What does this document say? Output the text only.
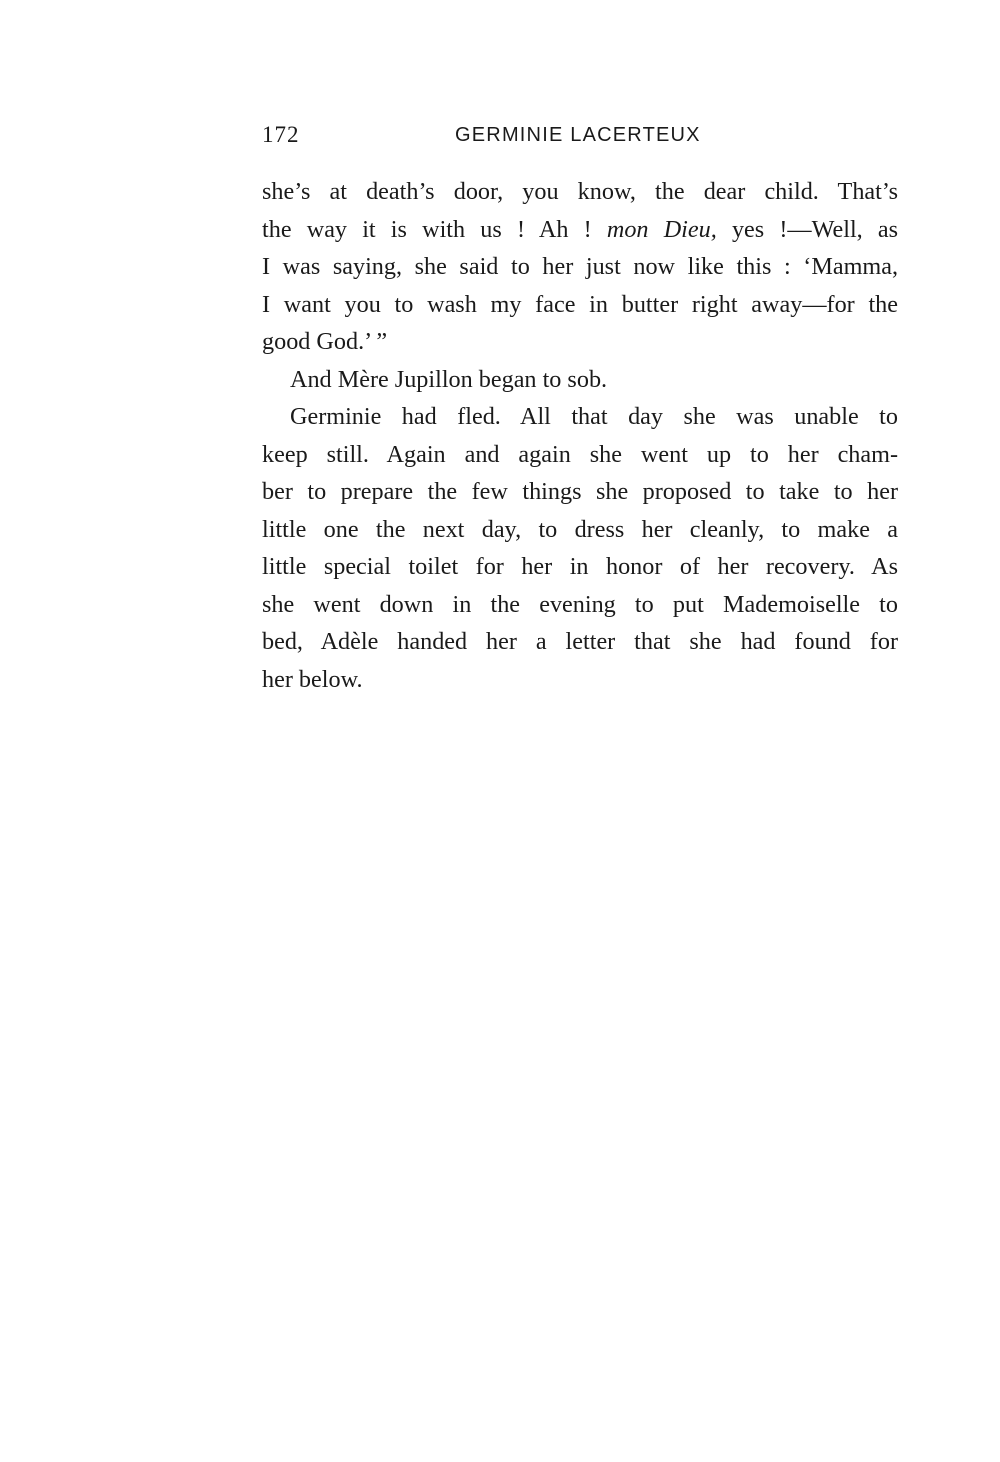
172	GERMINIE LACERTEUX
she’s at death’s door, you know, the dear child. That’s
the way it is with us ! Ah ! mon Dieu, yes !—Well, as
I was saying, she said to her just now like this : ‘Mamma,
I want you to wash my face in butter right away—for the
good God.’ ”
And Mère Jupillon began to sob.
Germinie had fled. All that day she was unable to
keep still. Again and again she went up to her cham-
ber to prepare the few things she proposed to take to her
little one the next day, to dress her cleanly, to make a
little special toilet for her in honor of her recovery. As
she went down in the evening to put Mademoiselle to
bed, Adèle handed her a letter that she had found for
her below.
